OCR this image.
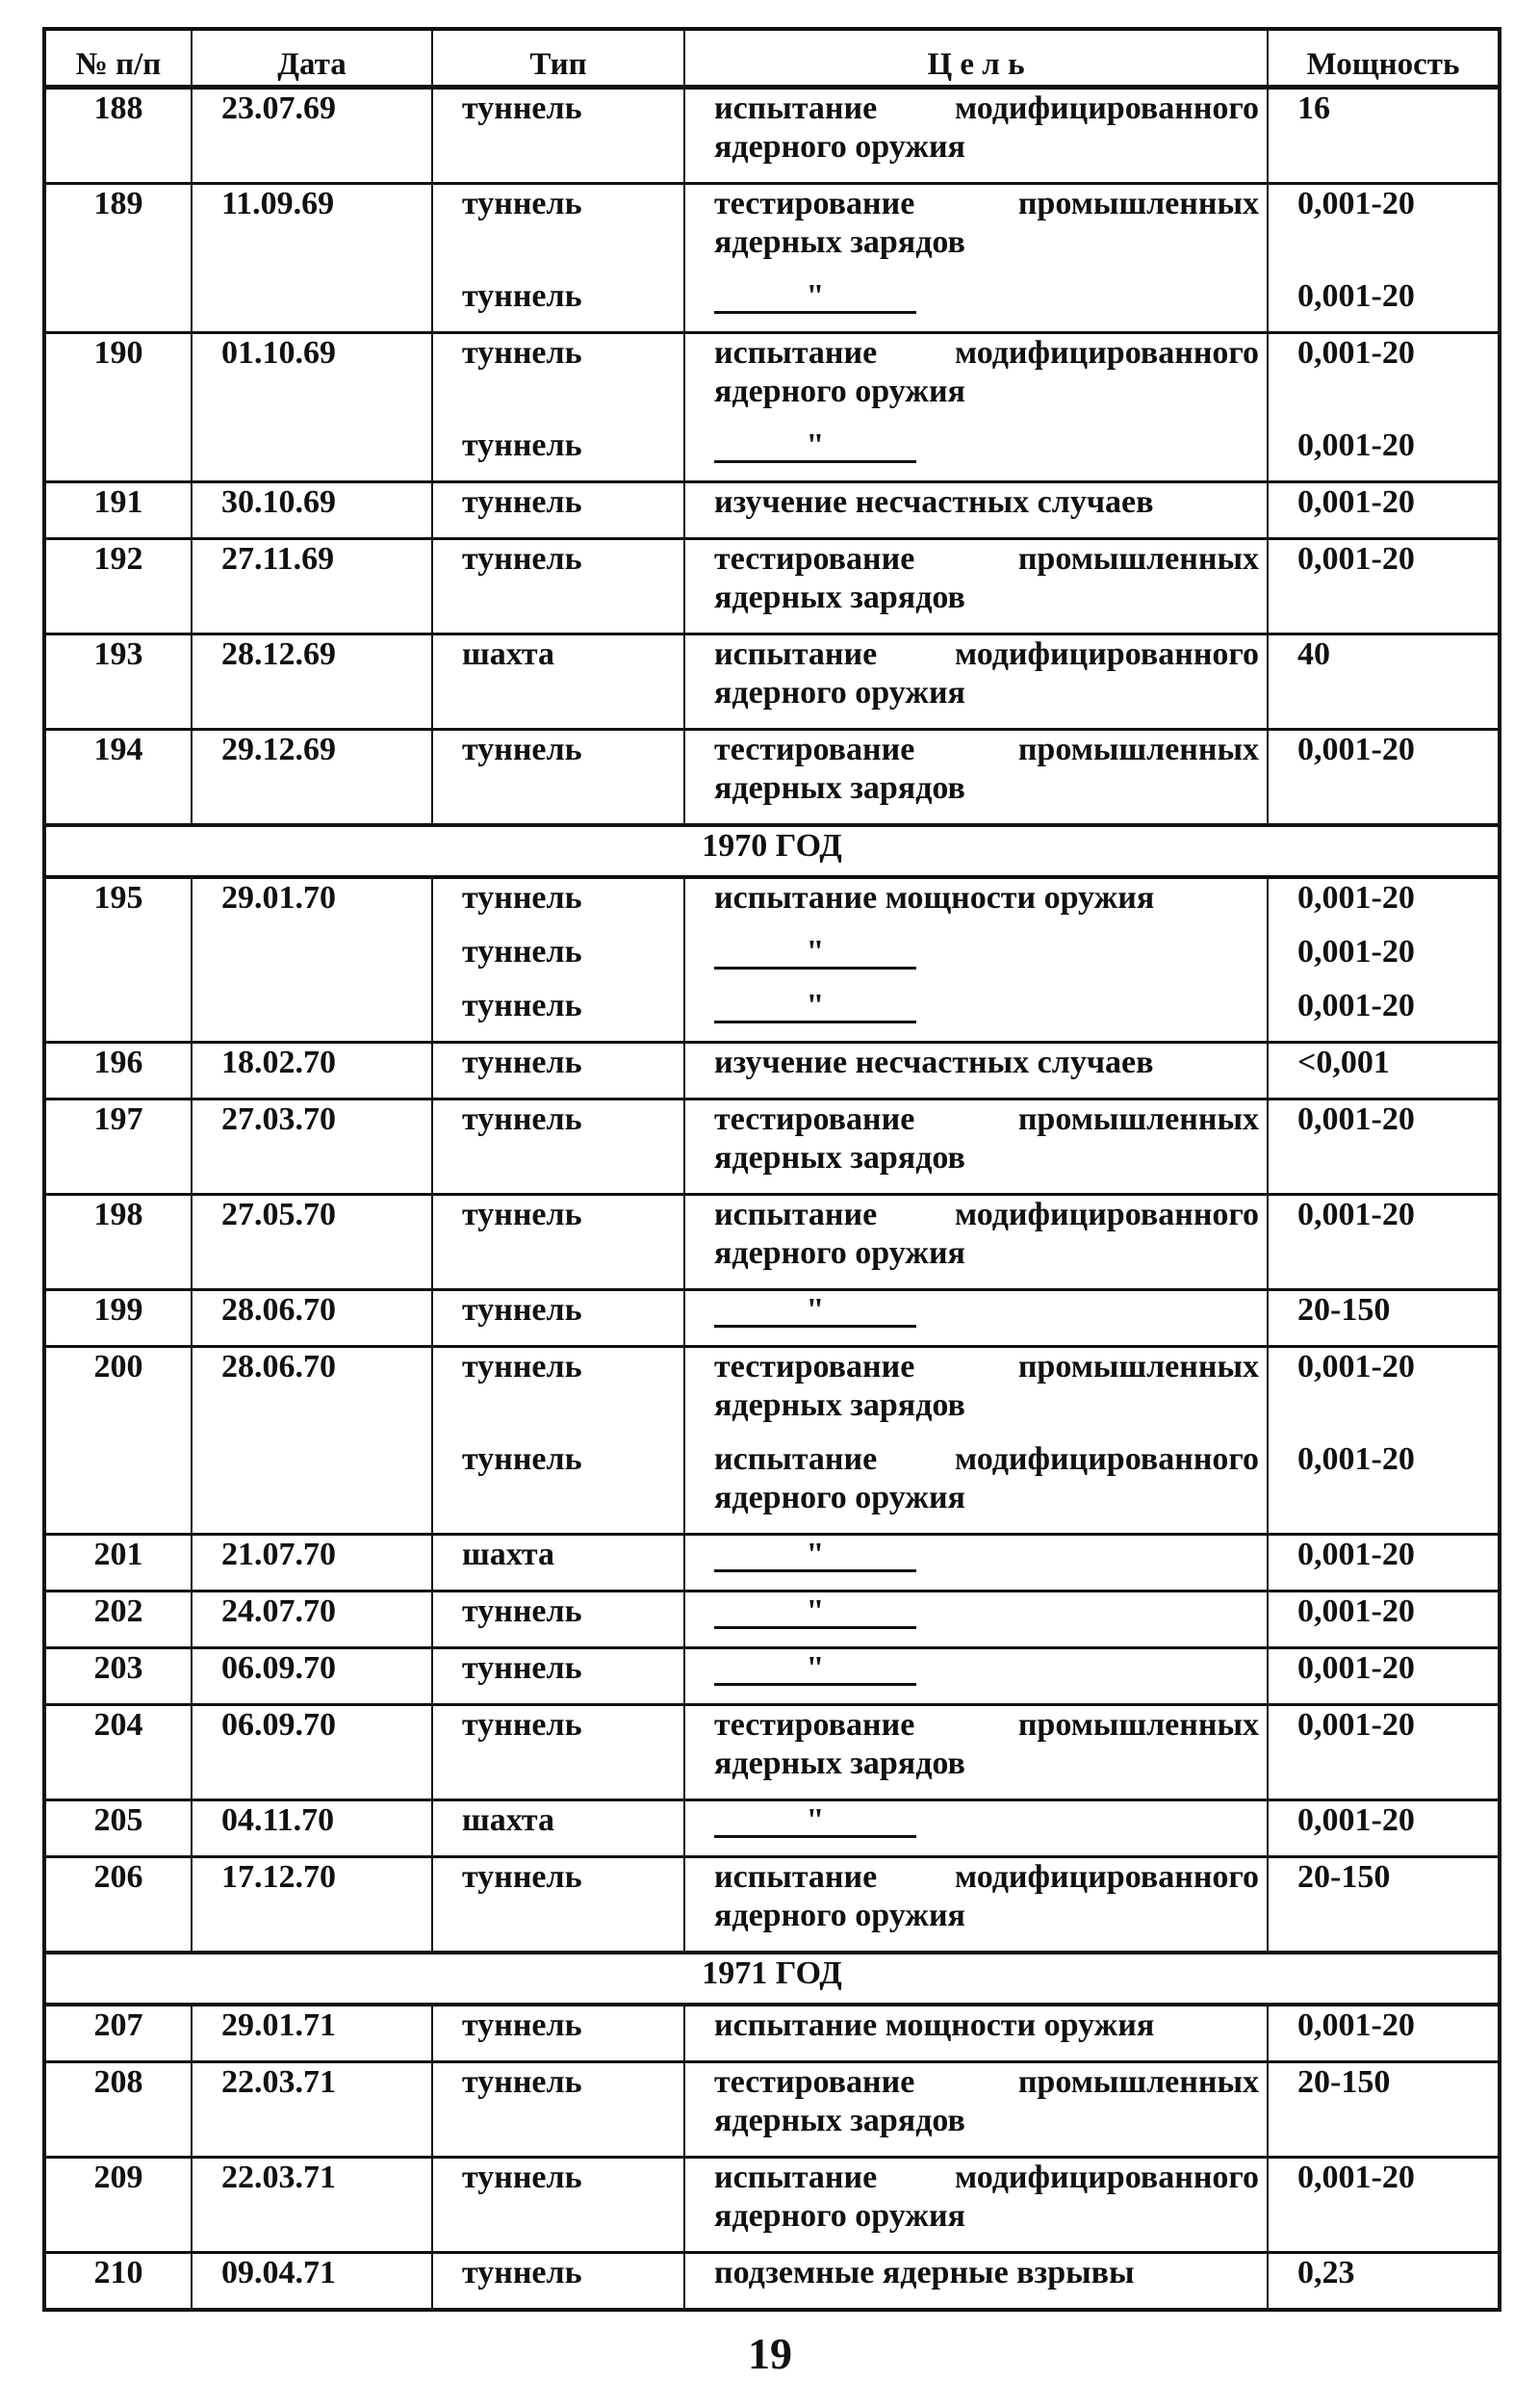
№ п/п	Дата	Тип	Ц е л ь	Мощность
188	23.07.69	туннель	испытание модифицированного ядерного оружия	16
189	11.09.69	туннель	тестирование промышленных ядерных зарядов	0,001-20
		туннель	"	0,001-20
190	01.10.69	туннель	испытание модифицированного ядерного оружия	0,001-20
		туннель	"	0,001-20
191	30.10.69	туннель	изучение несчастных случаев	0,001-20
192	27.11.69	туннель	тестирование промышленных ядерных зарядов	0,001-20
193	28.12.69	шахта	испытание модифицированного ядерного оружия	40
194	29.12.69	туннель	тестирование промышленных ядерных зарядов	0,001-20
1970 ГОД				
195	29.01.70	туннель	испытание мощности оружия	0,001-20
		туннель	"	0,001-20
		туннель	"	0,001-20
196	18.02.70	туннель	изучение несчастных случаев	<0,001
197	27.03.70	туннель	тестирование промышленных ядерных зарядов	0,001-20
198	27.05.70	туннель	испытание модифицированного ядерного оружия	0,001-20
199	28.06.70	туннель	"	20-150
200	28.06.70	туннель	тестирование промышленных ядерных зарядов	0,001-20
		туннель	испытание модифицированного ядерного оружия	0,001-20
201	21.07.70	шахта	"	0,001-20
202	24.07.70	туннель	"	0,001-20
203	06.09.70	туннель	"	0,001-20
204	06.09.70	туннель	тестирование промышленных ядерных зарядов	0,001-20
205	04.11.70	шахта	"	0,001-20
206	17.12.70	туннель	испытание модифицированного ядерного оружия	20-150
1971 ГОД				
207	29.01.71	туннель	испытание мощности оружия	0,001-20
208	22.03.71	туннель	тестирование промышленных ядерных зарядов	20-150
209	22.03.71	туннель	испытание модифицированного ядерного оружия	0,001-20
210	09.04.71	туннель	подземные ядерные взрывы	0,23
19
